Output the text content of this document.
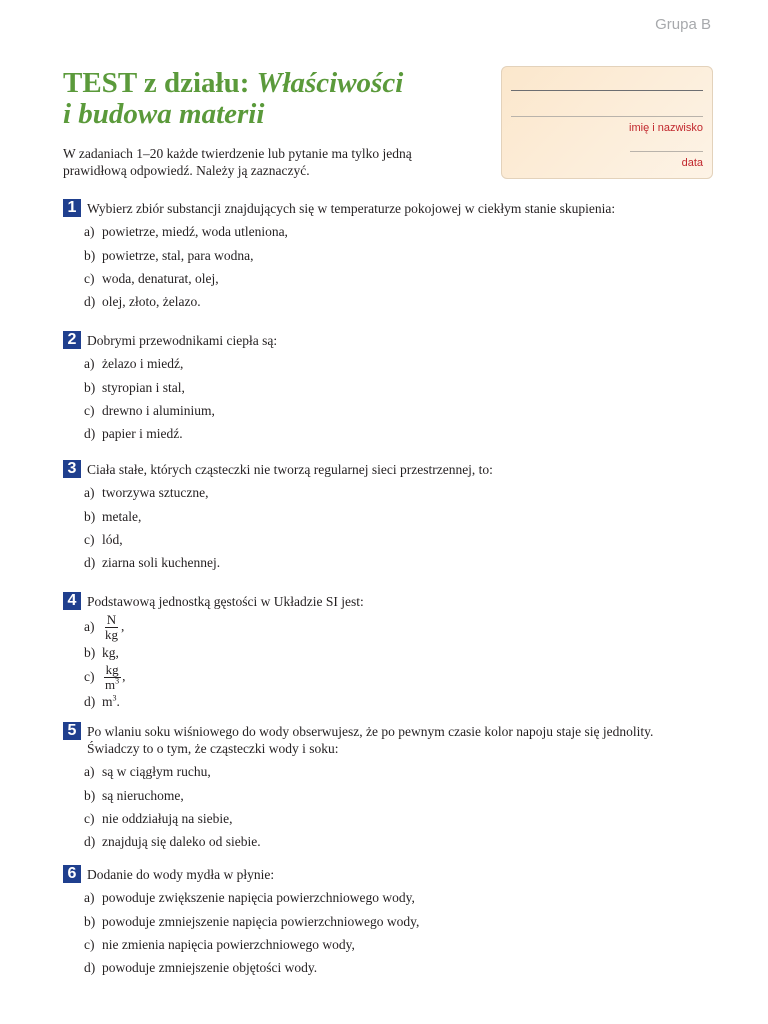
Grupa B
TEST z działu: Właściwości
i budowa materii	imię i nazwisko
data

W zadaniach 1–20 każde twierdzenie lub pytanie ma tylko jedną prawidłową odpowiedź. Należy ją zaznaczyć.

1 Wybierz zbiór substancji znajdujących się w temperaturze pokojowej w ciekłym stanie skupienia:
a) powietrze, miedź, woda utleniona,
b) powietrze, stal, para wodna,
c) woda, denaturat, olej,
d) olej, złoto, żelazo.
2 Dobrymi przewodnikami ciepła są:
a) żelazo i miedź,
b) styropian i stal,
c) drewno i aluminium,
d) papier i miedź.
3 Ciała stałe, których cząsteczki nie tworzą regularnej sieci przestrzennej, to:
a) tworzywa sztuczne,
b) metale,
c) lód,
d) ziarna soli kuchennej.
4 Podstawową jednostką gęstości w Układzie SI jest:
$a) \frac{N}{kg}$ ,
b) kg,
$c) \frac{kg}{m^3}$ ,
d) $m^3$.
5 Po wlaniu soku wiśniowego do wody obserwujesz, że po pewnym czasie kolor napoju staje się jednolity. Świadczy to o tym, że cząsteczki wody i soku:
a) są w ciągłym ruchu,
b) są nieruchome,
c) nie oddziałują na siebie,
d) znajdują się daleko od siebie.
6 Dodanie do wody mydła w płynie:
a) powoduje zwiększenie napięcia powierzchniowego wody,
b) powoduje zmniejszenie napięcia powierzchniowego wody,
c) nie zmienia napięcia powierzchniowego wody,
d) powoduje zmniejszenie objętości wody.
